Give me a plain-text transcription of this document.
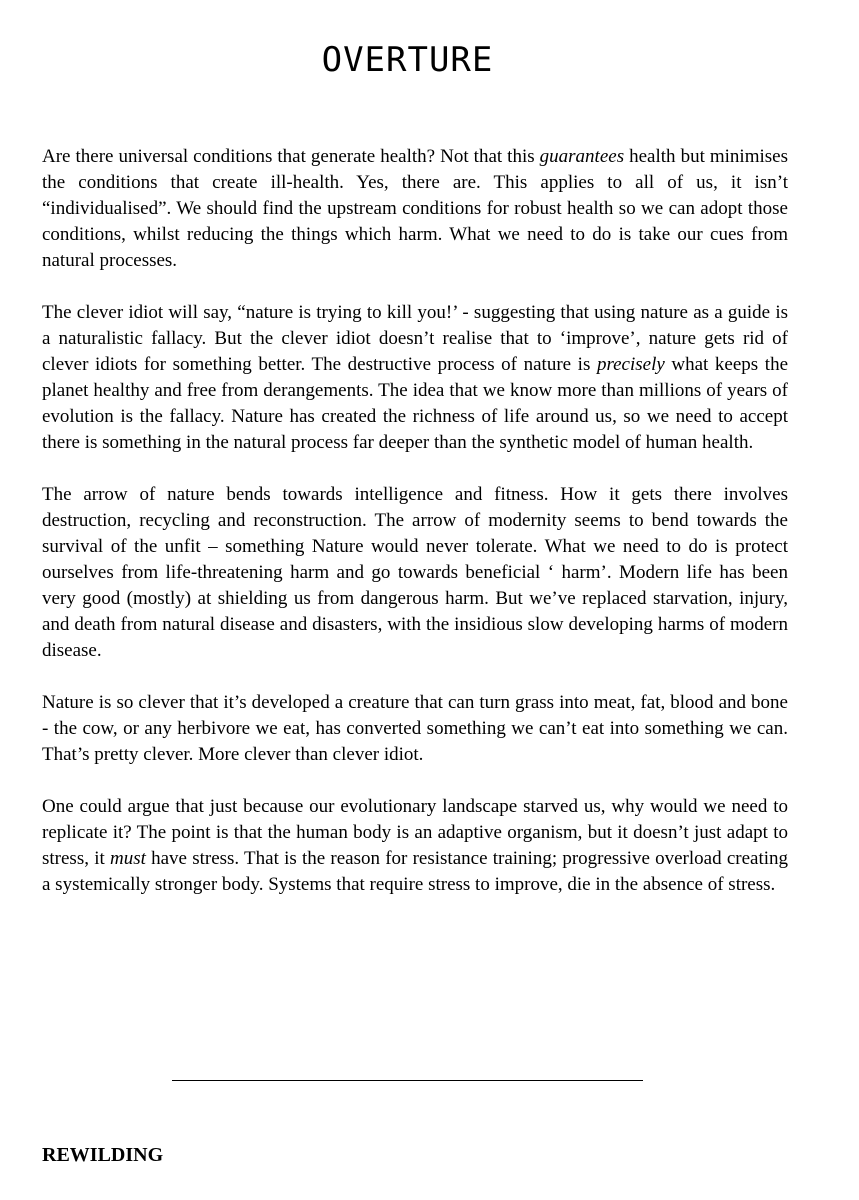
OVERTURE

Are there universal conditions that generate health? Not that this guarantees health but minimises the conditions that create ill-health. Yes, there are. This applies to all of us, it isn’t “individualised”. We should find the upstream conditions for robust health so we can adopt those conditions, whilst reducing the things which harm. What we need to do is take our cues from natural processes.

The clever idiot will say, “nature is trying to kill you!’ - suggesting that using nature as a guide is a naturalistic fallacy. But the clever idiot doesn’t realise that to ‘improve’, nature gets rid of clever idiots for something better. The destructive process of nature is precisely what keeps the planet healthy and free from derangements. The idea that we know more than millions of years of evolution is the fallacy. Nature has created the richness of life around us, so we need to accept there is something in the natural process far deeper than the synthetic model of human health.

The arrow of nature bends towards intelligence and fitness. How it gets there involves destruction, recycling and reconstruction. The arrow of modernity seems to bend towards the survival of the unfit – something Nature would never tolerate. What we need to do is protect ourselves from life-threatening harm and go towards beneficial ‘ harm’. Modern life has been very good (mostly) at shielding us from dangerous harm. But we’ve replaced starvation, injury, and death from natural disease and disasters, with the insidious slow developing harms of modern disease.

Nature is so clever that it’s developed a creature that can turn grass into meat, fat, blood and bone - the cow, or any herbivore we eat, has converted something we can’t eat into something we can. That’s pretty clever. More clever than clever idiot.

One could argue that just because our evolutionary landscape starved us, why would we need to replicate it? The point is that the human body is an adaptive organism, but it doesn’t just adapt to stress, it must have stress. That is the reason for resistance training; progressive overload creating a systemically stronger body. Systems that require stress to improve, die in the absence of stress.

REWILDING
